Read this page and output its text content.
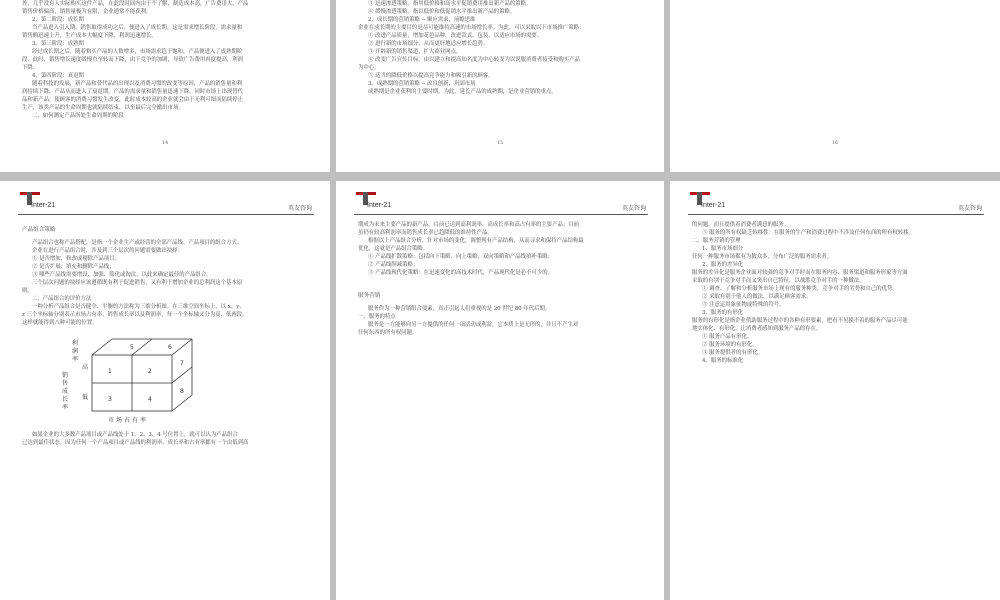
外，几乎没有人实际购买这件产品，在此段时间内由于不了解，制造成本高，广告费用大，产品

销售价格偏高，销售量极为有限，企业通常不能获利。

2、第二阶段：成长期

当产品进入引入期，销售取得成功之后，便进入了成长期。这是需求增长阶段，需求量和

销售额迅速上升，生产成本大幅度下降，利润迅速增长。

3、第三阶段：成熟期

经过成长期之后，随着购买产品的人数增多，市场需求趋于饱和，产品便进入了成熟期阶

段，此时，销售增长速度缓慢直至转而下降，由于竞争的加剧，导致广告费用再度提高，利润

下降。

4、第四阶段：衰退期

随着科技的发展，新产品和替代品的出现以及消费习惯的改变等原因，产品的销售量和利

润持续下降，产品从而进入了衰退期。产品的需求量和销售量迅速下降，同时市场上出现替代

品和新产品，使顾客的消费习惯发生改变，此时成本较高的企业就会由于无利可图而陆续停止

生产，该类产品的生命周期也就陆续结束，以至最后完全撤出市场。

二、如何测定产品所处生命周期的阶段

14

③ 迅速渗透策略。指用低价格和高水平促销费用推出新产品的策略。

④ 缓慢渗透策略。指以低价和低促销水平推出新产品的策略。

2、成长期的营销策略 -- 顺应需求，前瞻思维

企业在成长期的主要目的是尽可能维持高速的市场增长率。为此，可以采取以下市场推广策略：

① 改进产品质量，增加花色品种，改进款式，包装，以适应市场的需要。

② 进行新的市场细分，从而更好地适应增长趋势。

③ 开辟新的销售渠道，扩大商业网点。

④ 改变广告宣传目标，由以建立和提高知名度为中心转变为以说服消费者接受和购买产品

为中心。

⑤ 适当的降低价格以提高竞争能力和吸引新的顾客。

3、成熟期的营销策略 -- 改良创新，巩固市场

成熟期是企业获利的主要时期，为此，延长产品的成熟期，是企业营销的重点。

15	16
Inter-21	英友咨询
产品组合策略

产品组合也称产品搭配，是指一个企业生产或经营的全部产品线、产品项目的组合方式。

企业在进行产品组合时，涉及到三个层次的问题需要做出抉择：

① 是否增加、修改或剔除产品项目；

② 是否扩展、填充和删除产品线；

③ 哪些产品线需要增设、加强、简化或淘汰，以此来确定最佳的产品组合。

三个层次问题的抉择应该遵循既有利于促进销售，又有利于增加企业的总利润这个基本原

则。

二、产品组合的评价方法

一种分析产品组合是否健全、平衡的方法称为三维分析图。在三维空间坐标上，以 x、y、

z 三个坐标轴分别表示市场占有率、销售成长率以及利润率，每一个坐标轴又分为高、低两段，

这样就能得到八种可能的位置。

利
润
率
销
售
成
长
率
高
低
市 场 占 有 率
1	2
3	4
5	6
7
8

如果企业的大多数产品项目或产品线处于 1、2、3、4 号位置上，就可以认为产品组合

已达到最佳状态。因为任何一个产品项目或产品线的利润率、成长率和占有率都有一个由低到高

Inter-21	英友咨询

期成为未来主要产品的新产品，目前已达到高利润率、高成长率和高占有率的主要产品；目前

虽仍有较高利润率而销售成长率已趋降低的维持性产品。

根据以上产品组合分析，针对市场的变化，调整现有产品结构，从而寻求和保持产品结构最

优化，这就是产品组合策略。

① 产品线扩散策略：包括向下策略、向上策略、双向策略和产品线填补策略；

② 产品线削减策略；

③ 产品线现代化策略：在迅速变化的高技术时代，产品现代化是必不可少的。

服务营销

服务作为一种营销组合要素，真正引起人们重视的是 20 世纪 80 年代后期。

一、服务的特点

服务是一方能够向另一方提供的任何一项活动或利益，它本质上是无形的，并且不产生对

任何东西的所有权问题。

Inter-21	英友咨询

的问题，而且提供着消费者满意的服务。

⑤ 服务的所有权缺乏转移性：在服务的生产和消费过程中不涉及任何东西的所有权转移。

二、服务营销的管理

1、服务市场细分

任何一种服务市场都有为数众多，分布广泛的服务需求者。

2、服务的差异化

服务的差异化是服务企业面对较强的竞争对手时而在服务内容、服务渠道和服务形象等方面

采取的有别于竞争对手而又突出自己特征，以战胜竞争对手的一种做法。

① 调查、了解和分析服务市场上现有的服务种类，竞争对手的劣势和自己的优势。

② 采取有别于他人的做法，以满足顾客需求。

③ 注意运用象征物或特殊的符号。

3、服务的有形化

服务的有形化是指企业借助服务过程中的各种有形要素，把看不见摸不着的服务产品尽可能

地实体化、有形化，让消费者感知到服务产品的存在。

① 服务产品有形化。

② 服务环境的有形化。

③ 服务提供者的有形化。

4、服务的标准化
